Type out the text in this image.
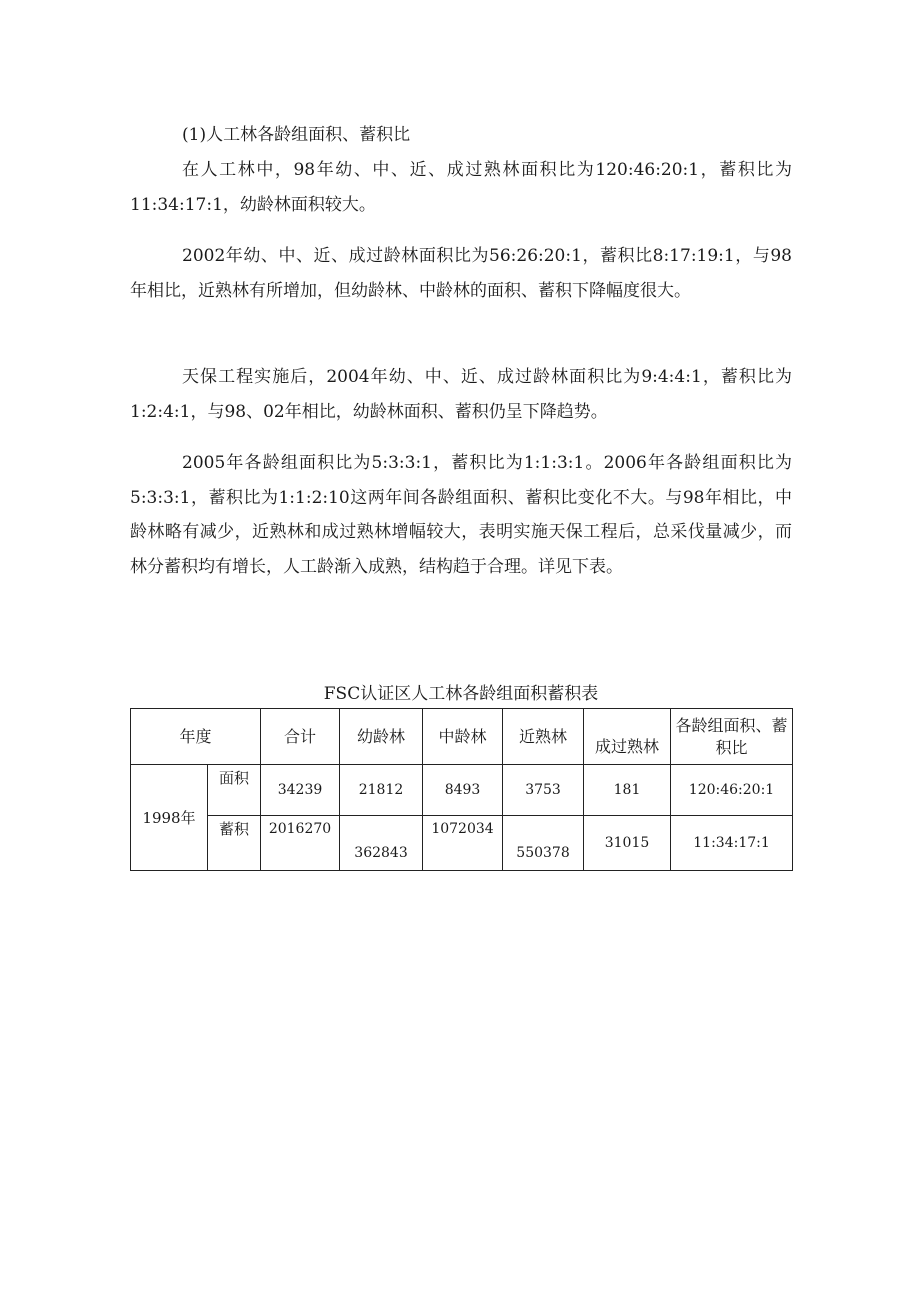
(1)人工林各龄组面积、蓄积比

在人工林中，98年幼、中、近、成过熟林面积比为120:46:20:1，蓄积比为11:34:17:1，幼龄林面积较大。

2002年幼、中、近、成过龄林面积比为56:26:20:1，蓄积比8:17:19:1，与98年相比，近熟林有所增加，但幼龄林、中龄林的面积、蓄积下降幅度很大。

天保工程实施后，2004年幼、中、近、成过龄林面积比为9:4:4:1，蓄积比为1:2:4:1，与98、02年相比，幼龄林面积、蓄积仍呈下降趋势。

2005年各龄组面积比为5:3:3:1，蓄积比为1:1:3:1。2006年各龄组面积比为5:3:3:1，蓄积比为1:1:2:10这两年间各龄组面积、蓄积比变化不大。与98年相比，中龄林略有减少，近熟林和成过熟林增幅较大，表明实施天保工程后，总采伐量减少，而林分蓄积均有增长，人工龄渐入成熟，结构趋于合理。详见下表。

FSC认证区人工林各龄组面积蓄积表
年度		合计	幼龄林	中龄林	近熟林	成过熟林	各龄组面积、蓄积比
1998年	面积	34239	21812	8493	3753	181	120:46:20:1
	蓄积	2016270	362843	1072034	550378	31015	11:34:17:1
